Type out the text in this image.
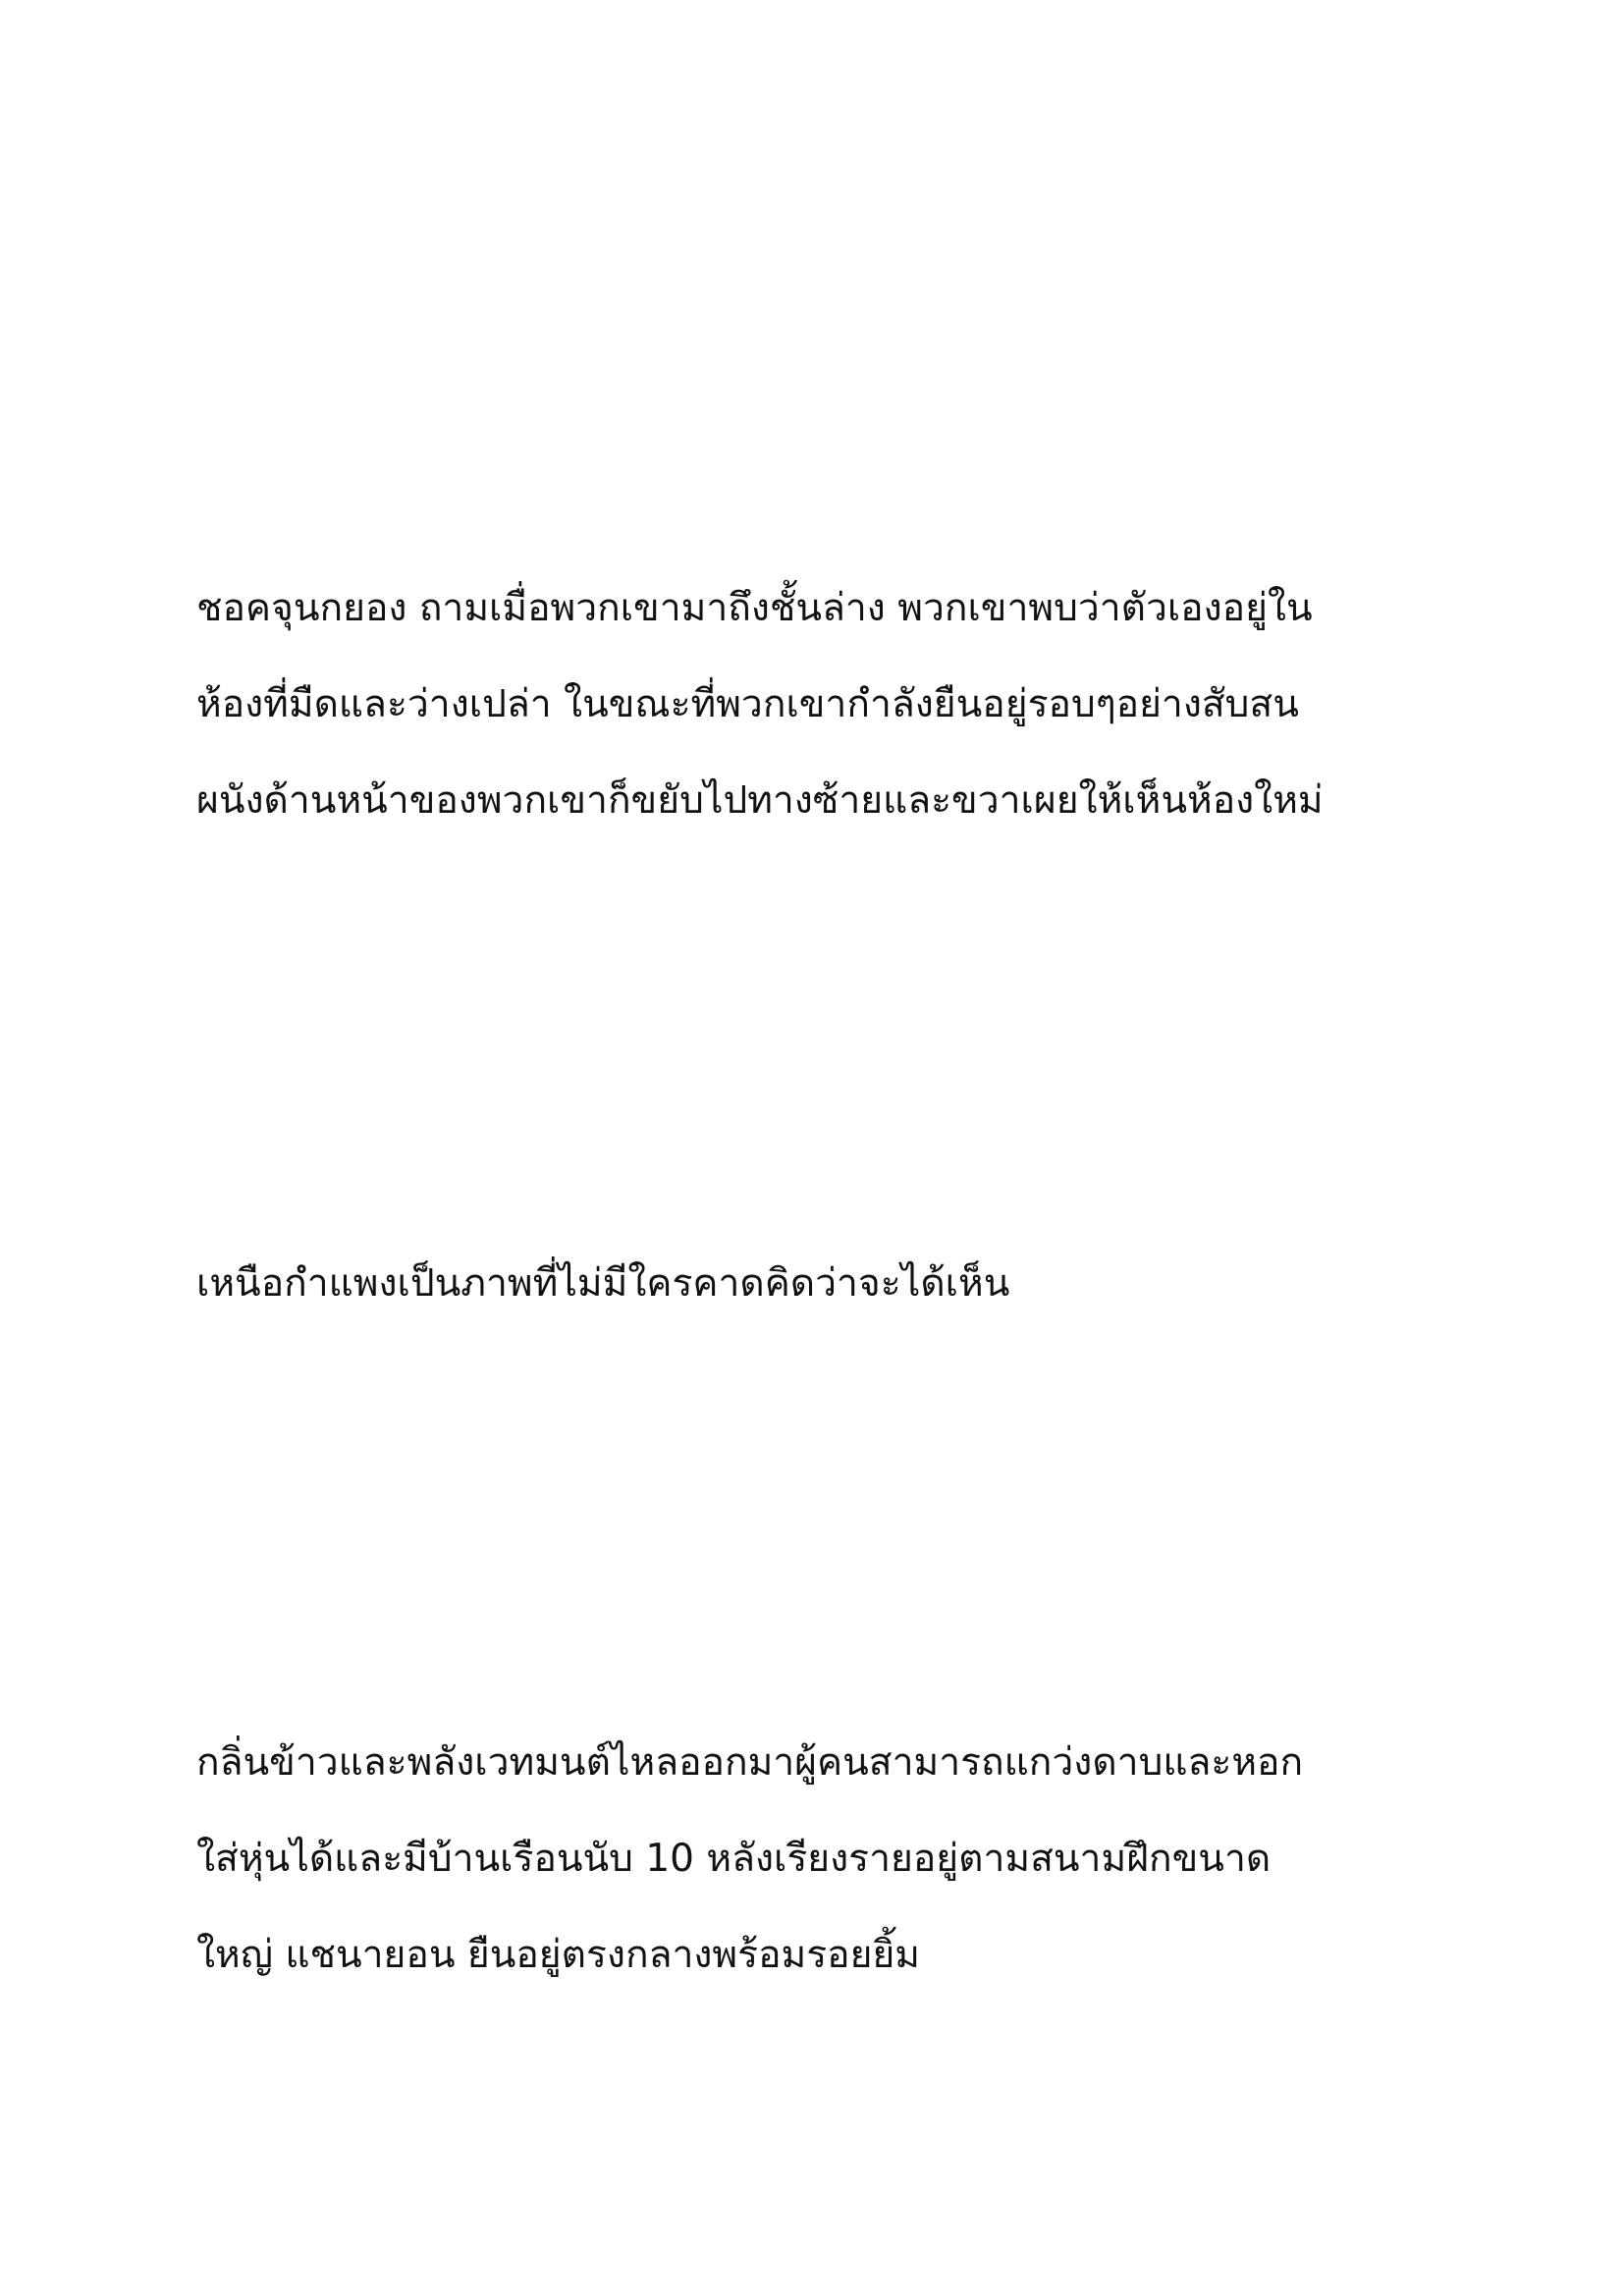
ชอคจุนกยอง ถามเมื่อพวกเขามาถึงชั้นล่าง พวกเขาพบว่าตัวเองอยู่ใน
ห้องที่มืดและว่างเปล่า ในขณะที่พวกเขากำลังยืนอยู่รอบๆอย่างสับสน
ผนังด้านหน้าของพวกเขาก็ขยับไปทางซ้ายและขวาเผยให้เห็นห้องใหม่
เหนือกำแพงเป็นภาพที่ไม่มีใครคาดคิดว่าจะได้เห็น
กลิ่นข้าวและพลังเวทมนต์ไหลออกมาผู้คนสามารถแกว่งดาบและหอก
ใส่หุ่นได้และมีบ้านเรือนนับ 10 หลังเรียงรายอยู่ตามสนามฝึกขนาด
ใหญ่ แชนายอน ยืนอยู่ตรงกลางพร้อมรอยยิ้ม
